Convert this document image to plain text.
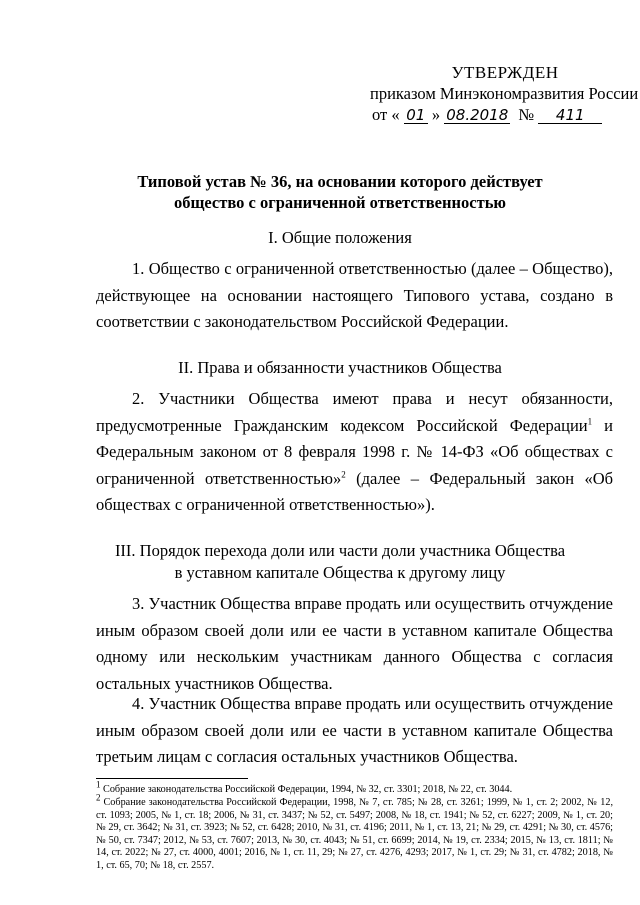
УТВЕРЖДЕН
приказом Минэкономразвития России
от « 01 » 08.2018 № 411
Типовой устав № 36, на основании которого действует
общество с ограниченной ответственностью
I. Общие положения
1. Общество с ограниченной ответственностью (далее – Общество), действующее на основании настоящего Типового устава, создано в соответствии с законодательством Российской Федерации.
II. Права и обязанности участников Общества
2. Участники Общества имеют права и несут обязанности, предусмотренные Гражданским кодексом Российской Федерации$^1$ и Федеральным законом от 8 февраля 1998 г. № 14-ФЗ «Об обществах с ограниченной ответственностью»$^2$ (далее – Федеральный закон «Об обществах с ограниченной ответственностью»).
III. Порядок перехода доли или части доли участника Общества
в уставном капитале Общества к другому лицу
3. Участник Общества вправе продать или осуществить отчуждение иным образом своей доли или ее части в уставном капитале Общества одному или нескольким участникам данного Общества с согласия остальных участников Общества.
4. Участник Общества вправе продать или осуществить отчуждение иным образом своей доли или ее части в уставном капитале Общества третьим лицам с согласия остальных участников Общества.
$^1$ Собрание законодательства Российской Федерации, 1994, № 32, ст. 3301; 2018, № 22, ст. 3044.
$^2$ Собрание законодательства Российской Федерации, 1998, № 7, ст. 785; № 28, ст. 3261; 1999, № 1, ст. 2; 2002, № 12, ст. 1093; 2005, № 1, ст. 18; 2006, № 31, ст. 3437; № 52, ст. 5497; 2008, № 18, ст. 1941; № 52, ст. 6227; 2009, № 1, ст. 20; № 29, ст. 3642; № 31, ст. 3923; № 52, ст. 6428; 2010, № 31, ст. 4196; 2011, № 1, ст. 13, 21; № 29, ст. 4291; № 30, ст. 4576; № 50, ст. 7347; 2012, № 53, ст. 7607; 2013, № 30, ст. 4043; № 51, ст. 6699; 2014, № 19, ст. 2334; 2015, № 13, ст. 1811; № 14, ст. 2022; № 27, ст. 4000, 4001; 2016, № 1, ст. 11, 29; № 27, ст. 4276, 4293; 2017, № 1, ст. 29; № 31, ст. 4782; 2018, № 1, ст. 65, 70; № 18, ст. 2557.
